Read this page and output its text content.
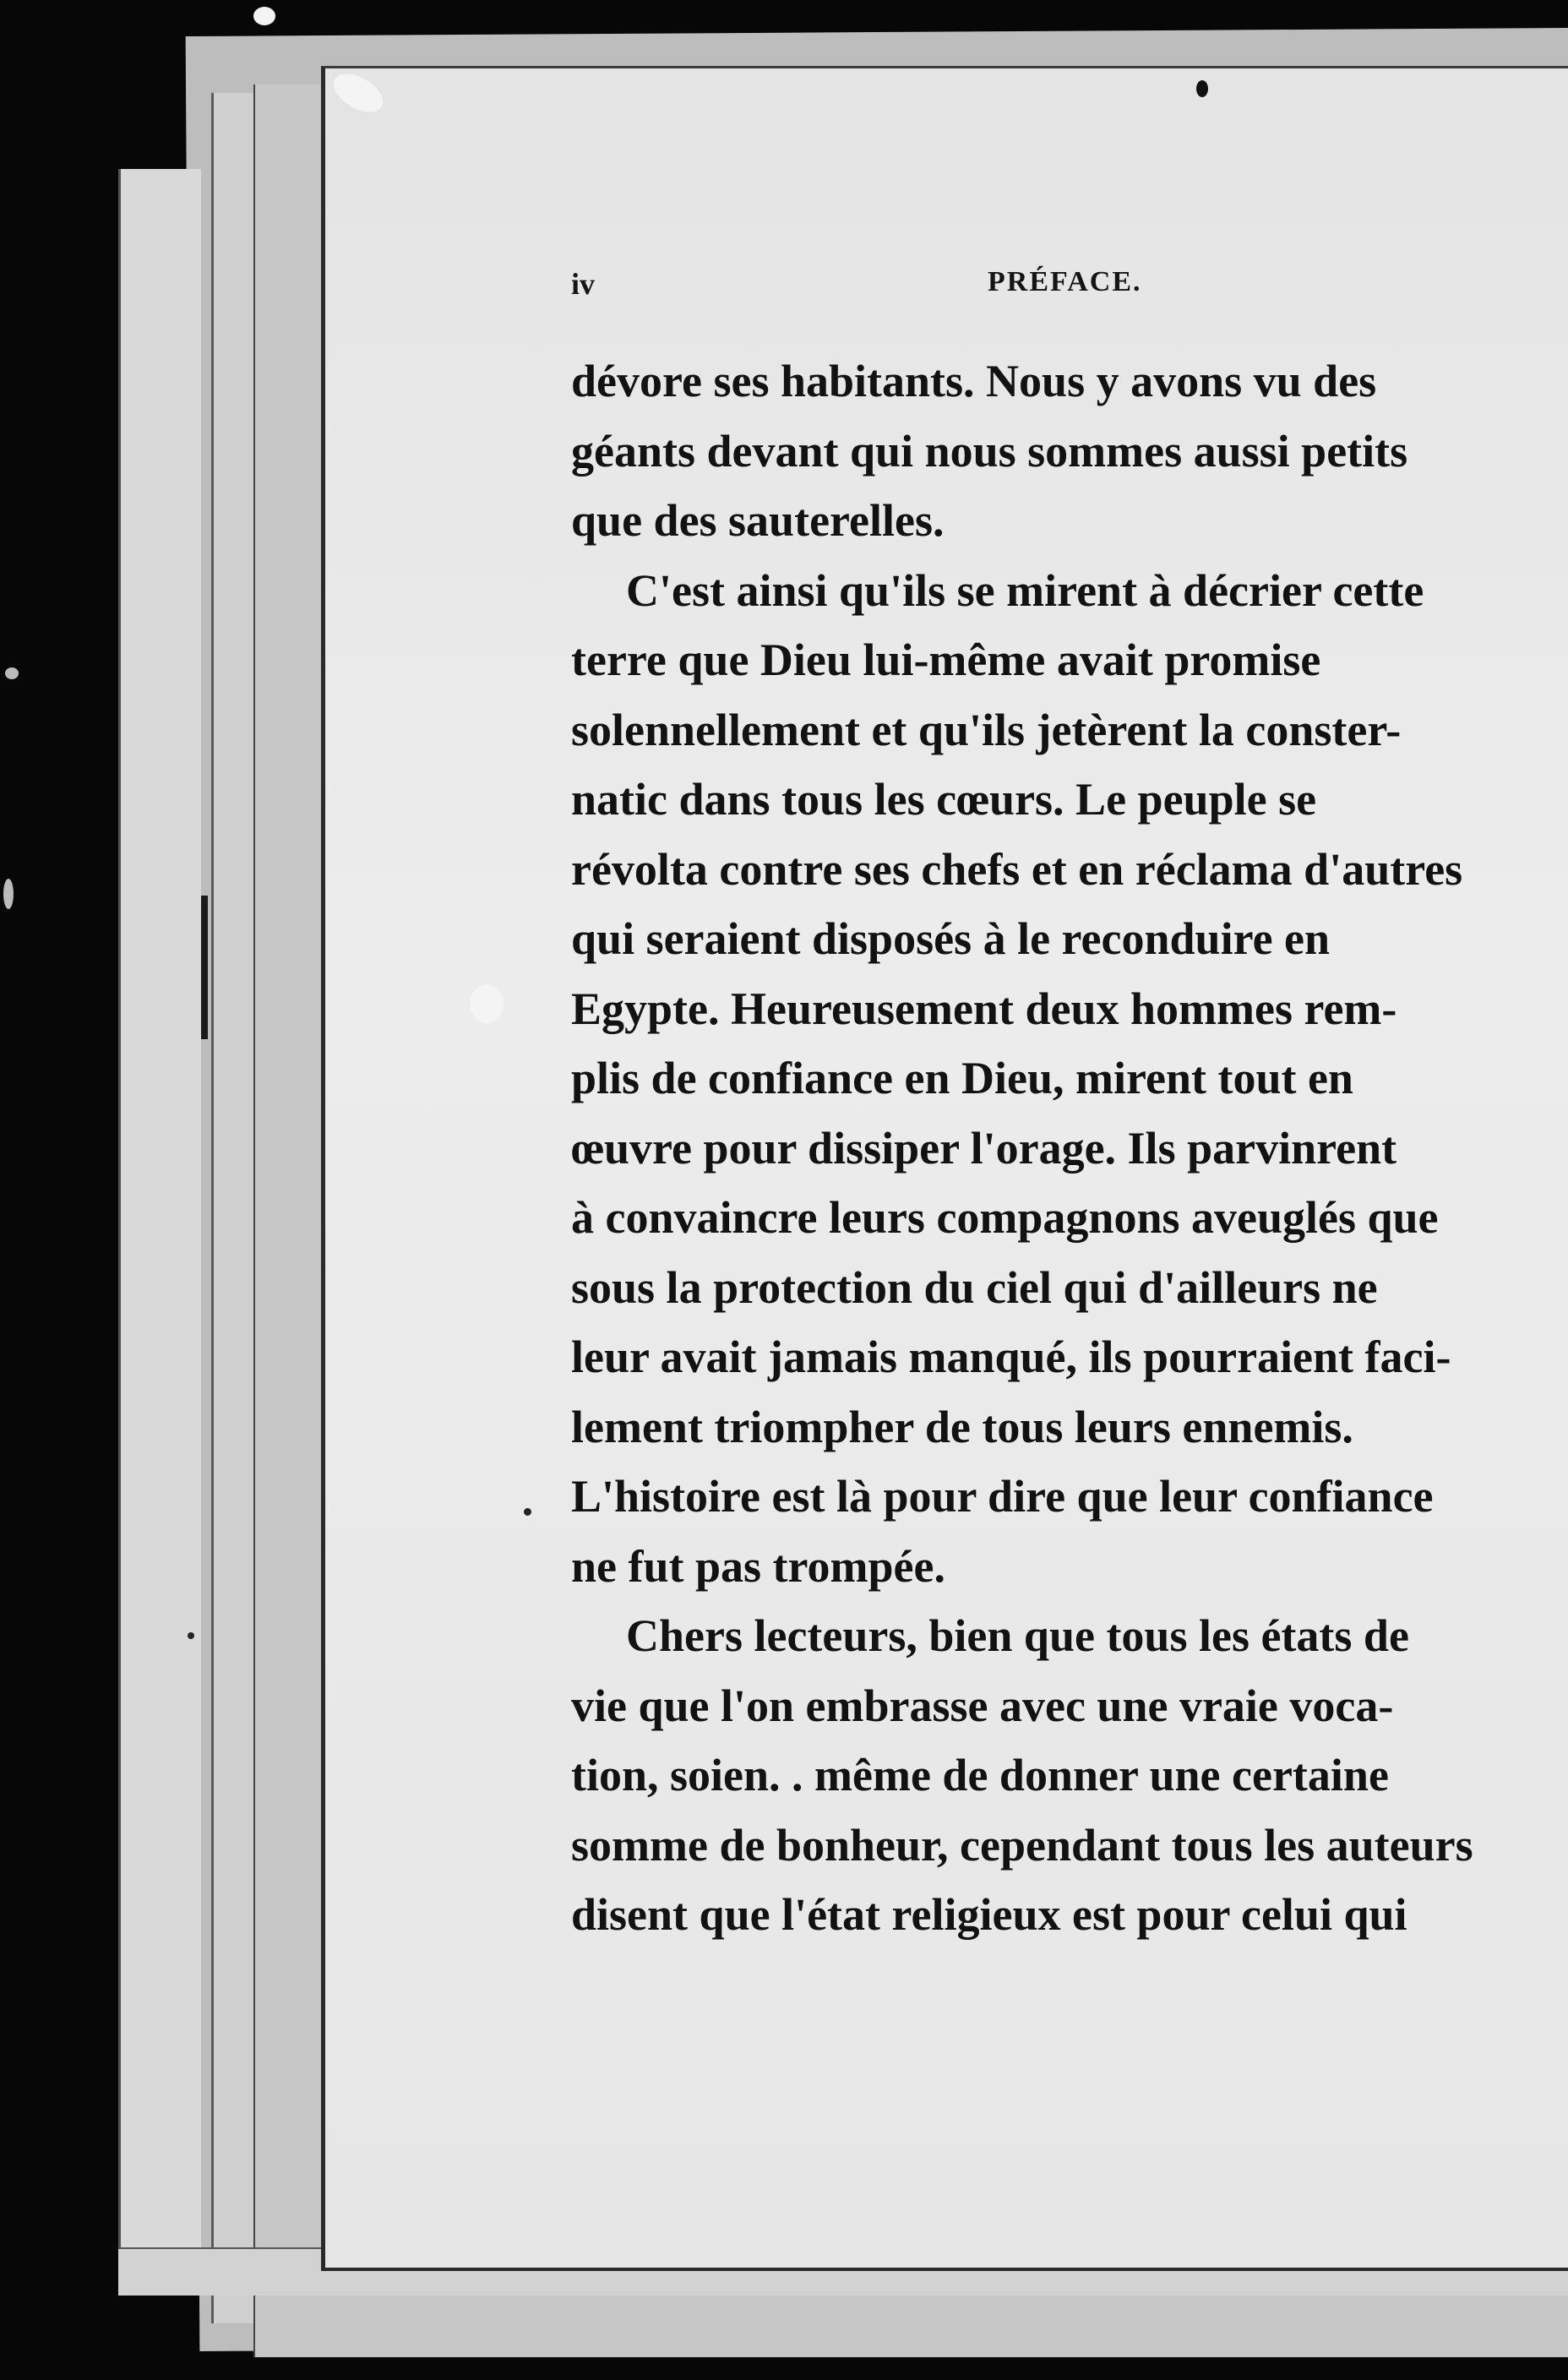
iv	PRÉFACE.
dévore ses habitants. Nous y avons vu des
géants devant qui nous sommes aussi petits
que des sauterelles.
C'est ainsi qu'ils se mirent à décrier cette
terre que Dieu lui-même avait promise
solennellement et qu'ils jetèrent la conster-
natic dans tous les cœurs. Le peuple se
révolta contre ses chefs et en réclama d'autres
qui seraient disposés à le reconduire en
Egypte. Heureusement deux hommes rem-
plis de confiance en Dieu, mirent tout en
œuvre pour dissiper l'orage. Ils parvinrent
à convaincre leurs compagnons aveuglés que
sous la protection du ciel qui d'ailleurs ne
leur avait jamais manqué, ils pourraient faci-
lement triompher de tous leurs ennemis.
L'histoire est là pour dire que leur confiance
ne fut pas trompée.
Chers lecteurs, bien que tous les états de
vie que l'on embrasse avec une vraie voca-
tion, soien. . même de donner une certaine
somme de bonheur, cependant tous les auteurs
disent que l'état religieux est pour celui qui
